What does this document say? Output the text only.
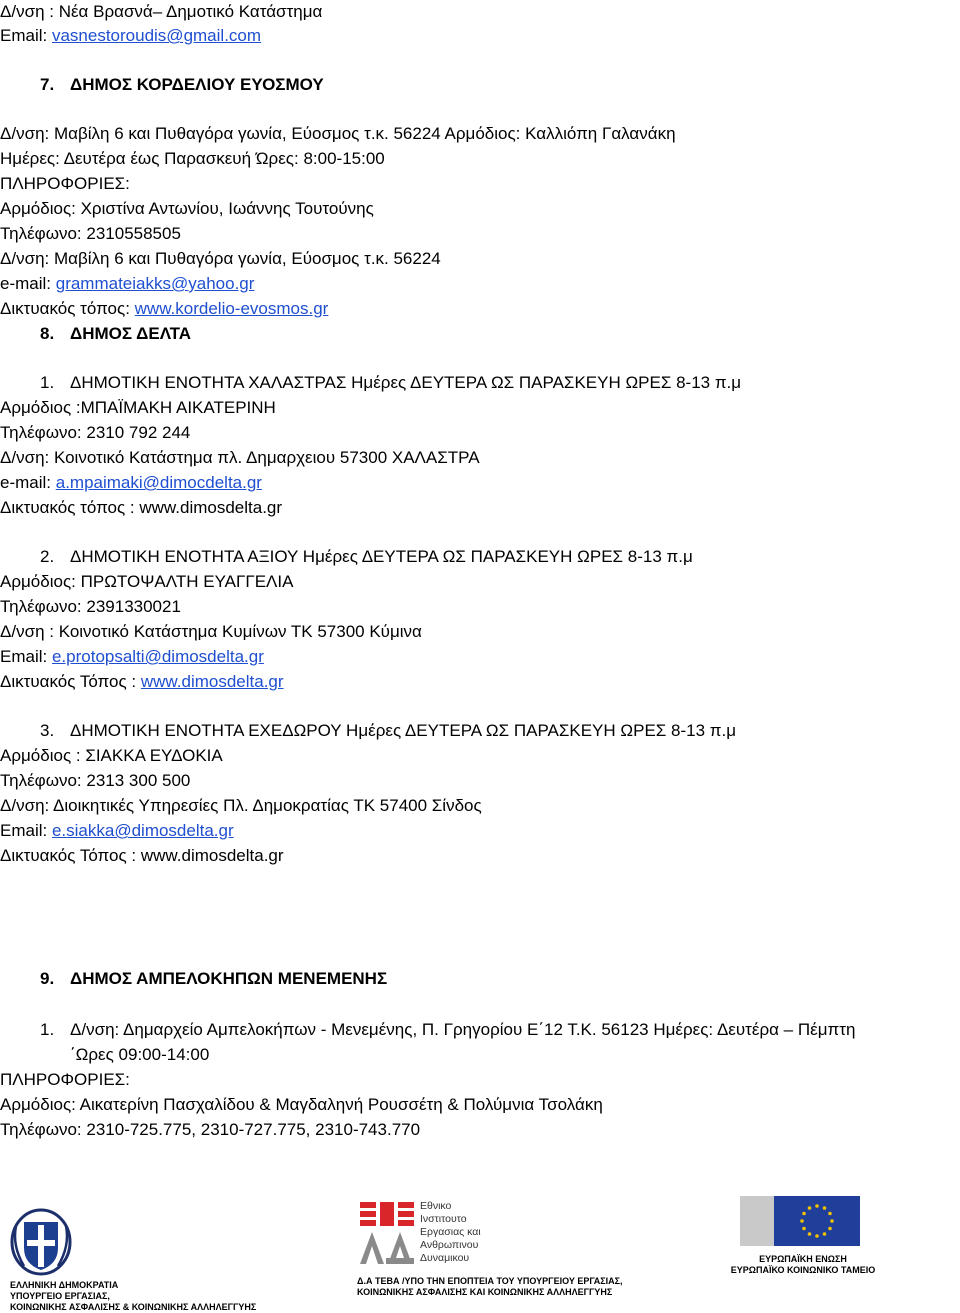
Δ/νση : Νέα Βρασνά– Δημοτικό Κατάστημα
Email: vasnestoroudis@gmail.com
7. ΔΗΜΟΣ ΚΟΡΔΕΛΙΟΥ ΕΥΟΣΜΟΥ
Δ/νση: Μαβίλη 6 και Πυθαγόρα γωνία, Εύοσμος τ.κ. 56224 Αρμόδιος: Καλλιόπη Γαλανάκη
Ημέρες: Δευτέρα έως Παρασκευή Ώρες: 8:00-15:00
ΠΛΗΡΟΦΟΡΙΕΣ:
Αρμόδιος: Χριστίνα Αντωνίου, Ιωάννης Τουτούνης
Τηλέφωνο: 2310558505
Δ/νση: Μαβίλη 6 και Πυθαγόρα γωνία, Εύοσμος τ.κ. 56224
e-mail: grammateiakks@yahoo.gr
Δικτυακός τόπος: www.kordelio-evosmos.gr
8. ΔΗΜΟΣ ΔΕΛΤΑ
1. ΔΗΜΟΤΙΚΗ ΕΝΟΤΗΤΑ ΧΑΛΑΣΤΡΑΣ Ημέρες ΔΕΥΤΕΡΑ ΩΣ ΠΑΡΑΣΚΕΥΗ ΩΡΕΣ 8-13 π.μ
Αρμόδιος :ΜΠΑΪΜΑΚΗ ΑΙΚΑΤΕΡΙΝΗ
Τηλέφωνο: 2310 792 244
Δ/νση: Κοινοτικό Κατάστημα πλ. Δημαρχειου 57300 ΧΑΛΑΣΤΡΑ
e-mail: a.mpaimaki@dimocdelta.gr
Δικτυακός τόπος : www.dimosdelta.gr
2. ΔΗΜΟΤΙΚΗ ΕΝΟΤΗΤΑ ΑΞΙΟΥ Ημέρες ΔΕΥΤΕΡΑ ΩΣ ΠΑΡΑΣΚΕΥΗ ΩΡΕΣ 8-13 π.μ
Αρμόδιος: ΠΡΩΤΟΨΑΛΤΗ ΕΥΑΓΓΕΛΙΑ
Τηλέφωνο: 2391330021
Δ/νση : Κοινοτικό Κατάστημα Κυμίνων ΤΚ 57300 Κύμινα
Email: e.protopsalti@dimosdelta.gr
Δικτυακός Τόπος : www.dimosdelta.gr
3. ΔΗΜΟΤΙΚΗ ΕΝΟΤΗΤΑ ΕΧΕΔΩΡΟΥ Ημέρες ΔΕΥΤΕΡΑ ΩΣ ΠΑΡΑΣΚΕΥΗ ΩΡΕΣ 8-13 π.μ
Αρμόδιος : ΣΙΑΚΚΑ ΕΥΔΟΚΙΑ
Τηλέφωνο: 2313 300 500
Δ/νση: Διοικητικές Υπηρεσίες Πλ. Δημοκρατίας ΤΚ 57400 Σίνδος
Email: e.siakka@dimosdelta.gr
Δικτυακός Τόπος : www.dimosdelta.gr
9. ΔΗΜΟΣ ΑΜΠΕΛΟΚΗΠΩΝ ΜΕΝΕΜΕΝΗΣ
1. Δ/νση: Δημαρχείο Αμπελοκήπων - Μενεμένης, Π. Γρηγορίου Ε΄12 Τ.Κ. 56123 Ημέρες: Δευτέρα – Πέμπτη
΄Ωρες 09:00-14:00
ΠΛΗΡΟΦΟΡΙΕΣ:
Αρμόδιος: Αικατερίνη Πασχαλίδου & Μαγδαληνή Ρουσσέτη & Πολύμνια Τσολάκη
Τηλέφωνο: 2310-725.775, 2310-727.775, 2310-743.770
ΕΛΛΗΝΙΚΗ ΔΗΜΟΚΡΑΤΙΑ
ΥΠΟΥΡΓΕΙΟ ΕΡΓΑΣΙΑΣ,
ΚΟΙΝΩΝΙΚΗΣ ΑΣΦΑΛΙΣΗΣ & ΚΟΙΝΩΝΙΚΗΣ ΑΛΛΗΛΕΓΓΥΗΣ
Εθνικο
Ινστιτουτο
Εργασιας και
Ανθρωπινου
Δυναμικου
Δ.Α ΤΕΒΑ /ΥΠΟ ΤΗΝ ΕΠΟΠΤΕΙΑ ΤΟΥ ΥΠΟΥΡΓΕΙΟΥ ΕΡΓΑΣΙΑΣ,
ΚΟΙΝΩΝΙΚΗΣ ΑΣΦΑΛΙΣΗΣ ΚΑΙ ΚΟΙΝΩΝΙΚΗΣ ΑΛΛΗΛΕΓΓΥΗΣ
ΕΥΡΩΠΑΪΚΗ ΕΝΩΣΗ
ΕΥΡΩΠΑΪΚΟ ΚΟΙΝΩΝΙΚΟ ΤΑΜΕΙΟ
